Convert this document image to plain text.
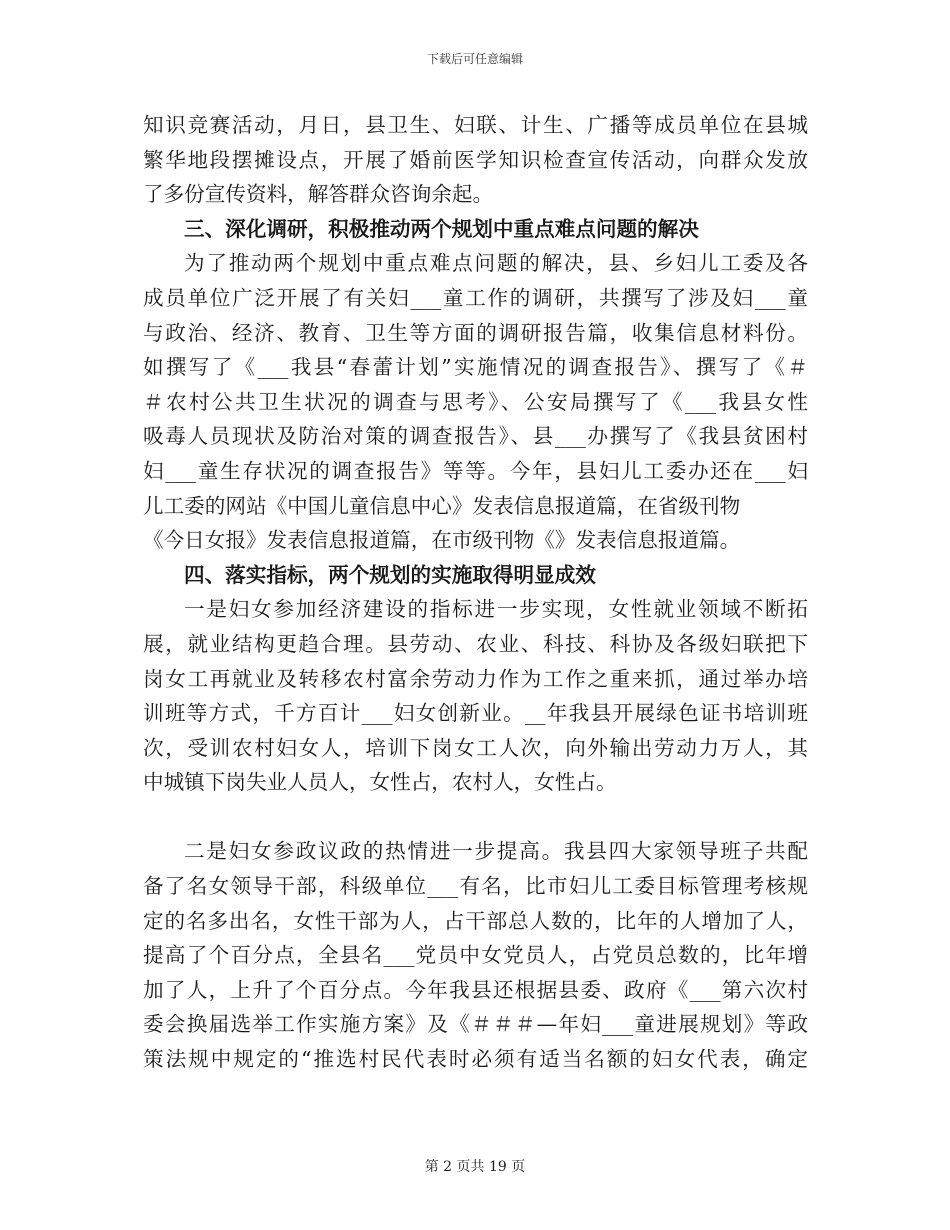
下载后可任意编辑
知识竞赛活动，月日，县卫生、妇联、计生、广播等成员单位在县城
繁华地段摆摊设点，开展了婚前医学知识检查宣传活动，向群众发放
了多份宣传资料，解答群众咨询余起。
三、深化调研，积极推动两个规划中重点难点问题的解决
为了推动两个规划中重点难点问题的解决，县、乡妇儿工委及各
成员单位广泛开展了有关妇___童工作的调研，共撰写了涉及妇___童
与政治、经济、教育、卫生等方面的调研报告篇，收集信息材料份。
如撰写了《___我县“春蕾计划”实施情况的调查报告》、撰写了《＃
＃农村公共卫生状况的调查与思考》、公安局撰写了《___我县女性
吸毒人员现状及防治对策的调查报告》、县___办撰写了《我县贫困村
妇___童生存状况的调查报告》等等。今年，县妇儿工委办还在___妇
儿工委的网站《中国儿童信息中心》发表信息报道篇，在省级刊物
《今日女报》发表信息报道篇，在市级刊物《》发表信息报道篇。
四、落实指标，两个规划的实施取得明显成效
一是妇女参加经济建设的指标进一步实现，女性就业领域不断拓
展，就业结构更趋合理。县劳动、农业、科技、科协及各级妇联把下
岗女工再就业及转移农村富余劳动力作为工作之重来抓，通过举办培
训班等方式，千方百计___妇女创新业。__年我县开展绿色证书培训班
次，受训农村妇女人，培训下岗女工人次，向外输出劳动力万人，其
中城镇下岗失业人员人，女性占，农村人，女性占。
二是妇女参政议政的热情进一步提高。我县四大家领导班子共配
备了名女领导干部，科级单位___有名，比市妇儿工委目标管理考核规
定的名多出名，女性干部为人，占干部总人数的，比年的人增加了人，
提高了个百分点，全县名___党员中女党员人，占党员总数的，比年增
加了人，上升了个百分点。今年我县还根据县委、政府《___第六次村
委会换届选举工作实施方案》及《＃＃＃—年妇___童进展规划》等政
策法规中规定的“推选村民代表时必须有适当名额的妇女代表，确定
第 2 页共 19 页
